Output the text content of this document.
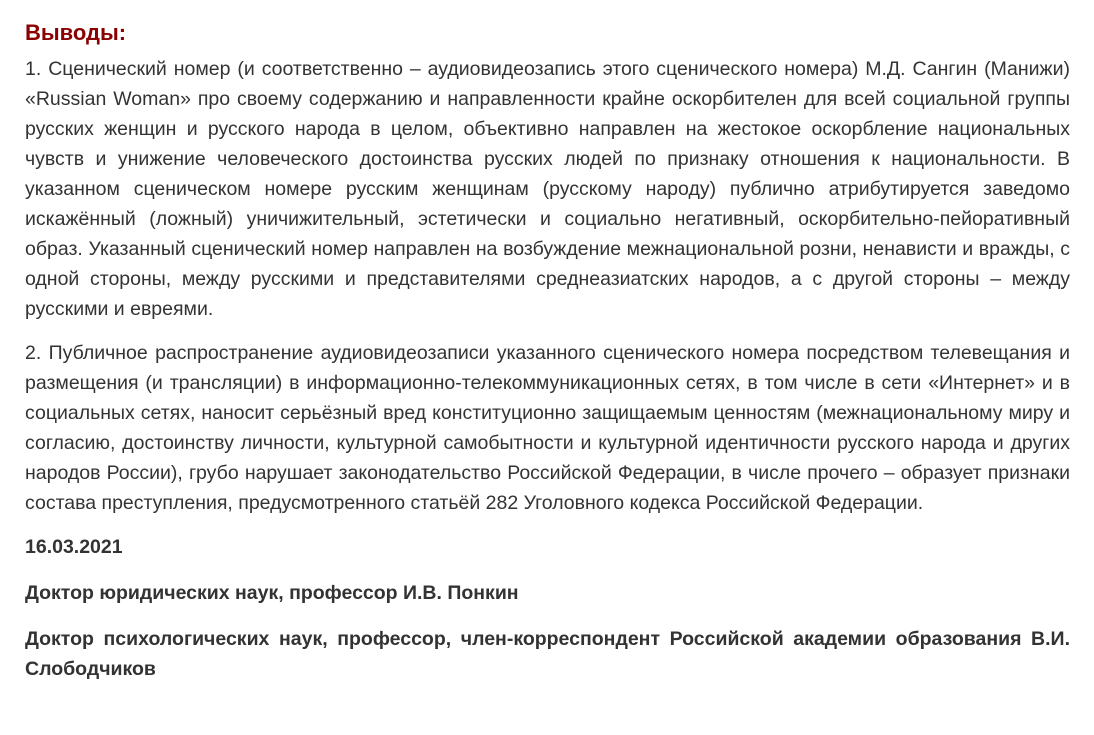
Выводы:

1. Сценический номер (и соответственно – аудиовидеозапись этого сценического номера) М.Д. Сангин (Манижи) «Russian Woman» про своему содержанию и направленности крайне оскорбителен для всей социальной группы русских женщин и русского народа в целом, объективно направлен на жестокое оскорбление национальных чувств и унижение человеческого достоинства русских людей по признаку отношения к национальности. В указанном сценическом номере русским женщинам (русскому народу) публично атрибутируется заведомо искажённый (ложный) уничижительный, эстетически и социально негативный, оскорбительно-пейоративный образ. Указанный сценический номер направлен на возбуждение межнациональной розни, ненависти и вражды, с одной стороны, между русскими и представителями среднеазиатских народов, а с другой стороны – между русскими и евреями.

2. Публичное распространение аудиовидеозаписи указанного сценического номера посредством телевещания и размещения (и трансляции) в информационно-телекоммуникационных сетях, в том числе в сети «Интернет» и в социальных сетях, наносит серьёзный вред конституционно защищаемым ценностям (межнациональному миру и согласию, достоинству личности, культурной самобытности и культурной идентичности русского народа и других народов России), грубо нарушает законодательство Российской Федерации, в числе прочего – образует признаки состава преступления, предусмотренного статьёй 282 Уголовного кодекса Российской Федерации.

16.03.2021

Доктор юридических наук, профессор И.В. Понкин

Доктор психологических наук, профессор, член-корреспондент Российской академии образования В.И. Слободчиков
